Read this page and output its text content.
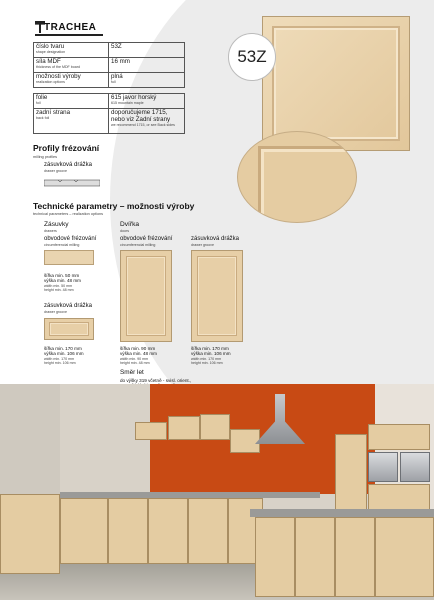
TRACHEA
číslo tvaru
shape designation	53Z
síla MDF
thickness of the MDF board	16 mm
možnosti výroby
realization options	plná
full
folie
foil	615 javor horský
615 mountain maple

zadní strana
back foil	doporučujeme 1715, nebo viz Zadní strany
we recommend 1715, or see Back sides
53Z
Profily frézování
milling profiles
zásuvková drážka
drawer groove
Technické parametry – možnosti výroby
technical parameters – realization options
Zásuvky
drawers
Dvířka
doors
obvodové frézování
circumferencial milling
obvodové frézování
circumferencial milling
zásuvková drážka
drawer groove
šířka min. 50 mm
výška min. 48 mm
width min. 50 mm
height min. 48 mm
zásuvková drážka
drawer groove
šířka min. 170 mm
výška min. 106 mm
width min. 170 mm
height min. 106 mm
šířka min. 90 mm
výška min. 48 mm
width min. 90 mm
height min. 48 mm
šířka min. 170 mm
výška min. 106 mm
width min. 170 mm
height min. 106 mm
Směr let
do výšky 319 včetně - svisl. orient.,
